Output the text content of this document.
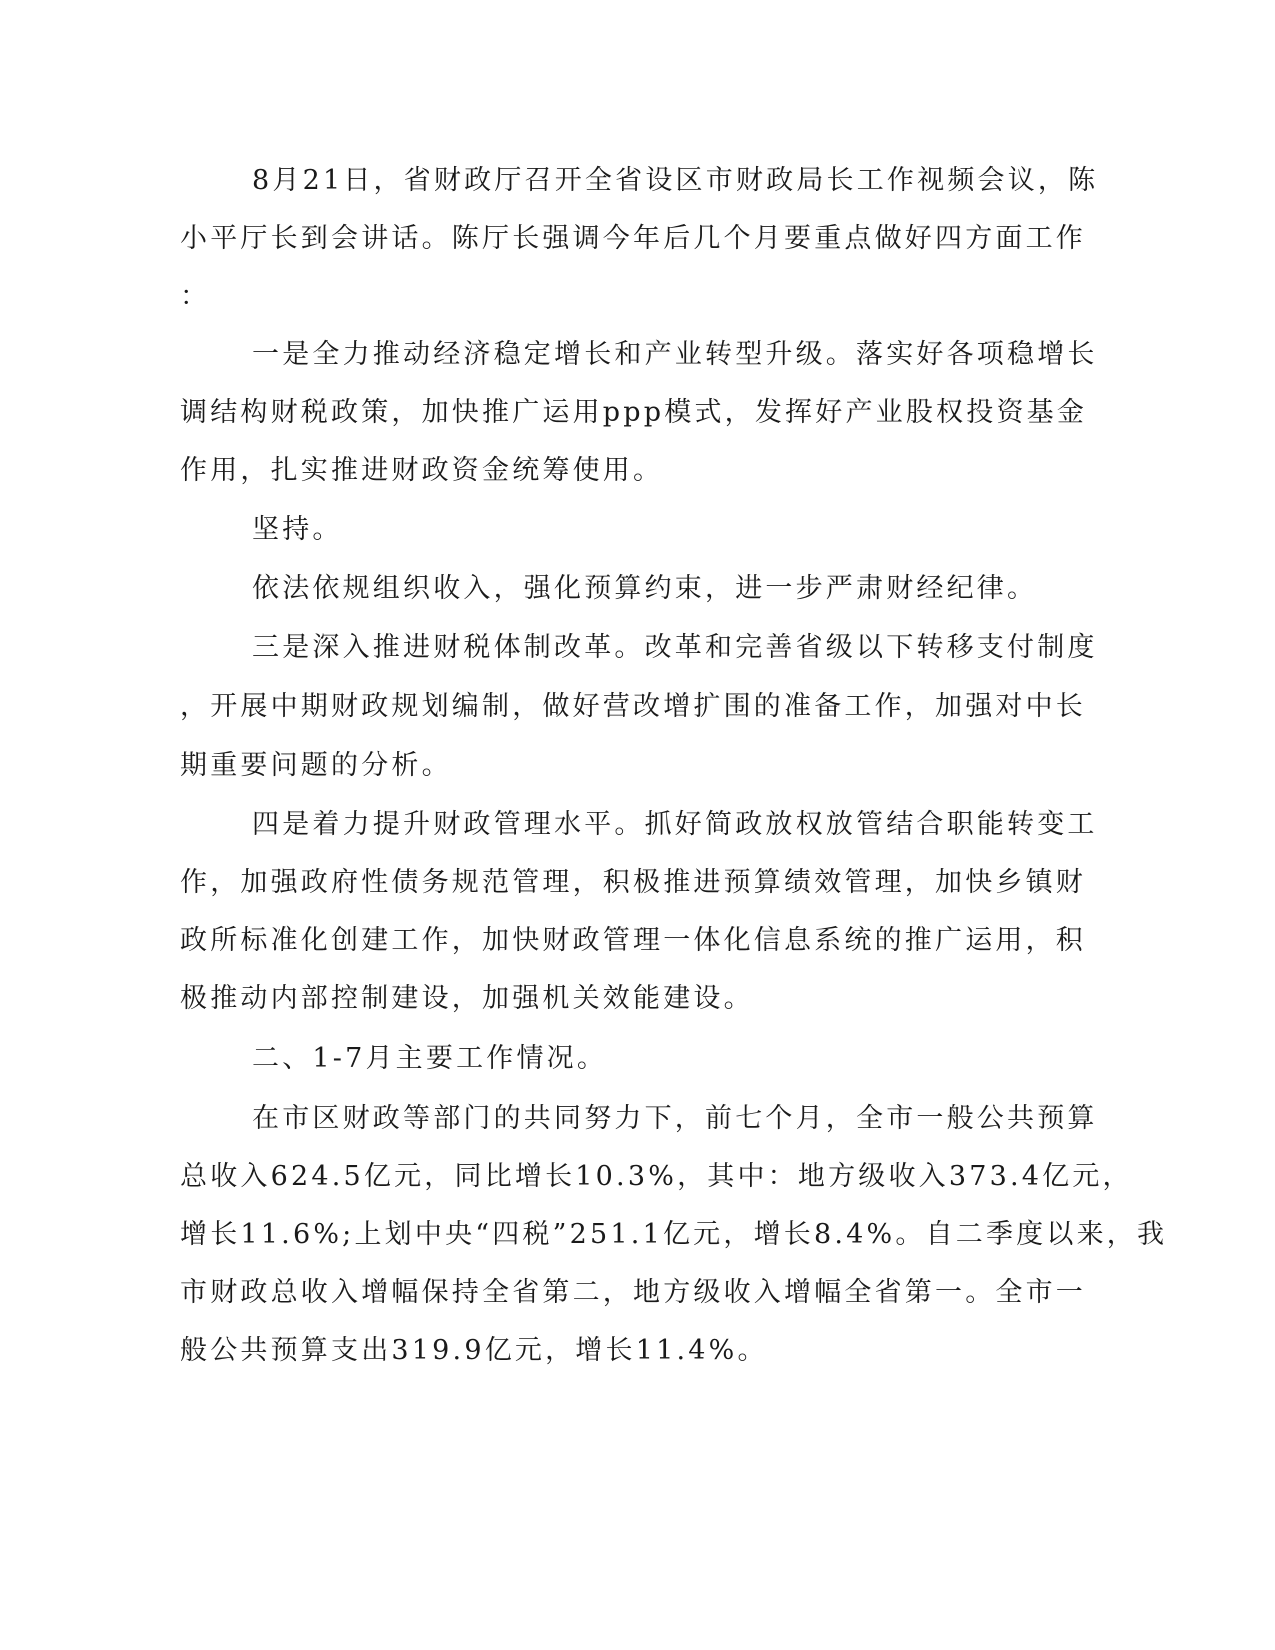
8月21日，省财政厅召开全省设区市财政局长工作视频会议，陈
小平厅长到会讲话。陈厅长强调今年后几个月要重点做好四方面工作
：
一是全力推动经济稳定增长和产业转型升级。落实好各项稳增长
调结构财税政策，加快推广运用ppp模式，发挥好产业股权投资基金
作用，扎实推进财政资金统筹使用。
坚持。
依法依规组织收入，强化预算约束，进一步严肃财经纪律。
三是深入推进财税体制改革。改革和完善省级以下转移支付制度
，开展中期财政规划编制，做好营改增扩围的准备工作，加强对中长
期重要问题的分析。
四是着力提升财政管理水平。抓好简政放权放管结合职能转变工
作，加强政府性债务规范管理，积极推进预算绩效管理，加快乡镇财
政所标准化创建工作，加快财政管理一体化信息系统的推广运用，积
极推动内部控制建设，加强机关效能建设。
二、1-7月主要工作情况。
在市区财政等部门的共同努力下，前七个月，全市一般公共预算
总收入624.5亿元，同比增长10.3%，其中：地方级收入373.4亿元，
增长11.6%;上划中央“四税”251.1亿元，增长8.4%。自二季度以来，我
市财政总收入增幅保持全省第二，地方级收入增幅全省第一。全市一
般公共预算支出319.9亿元，增长11.4%。
